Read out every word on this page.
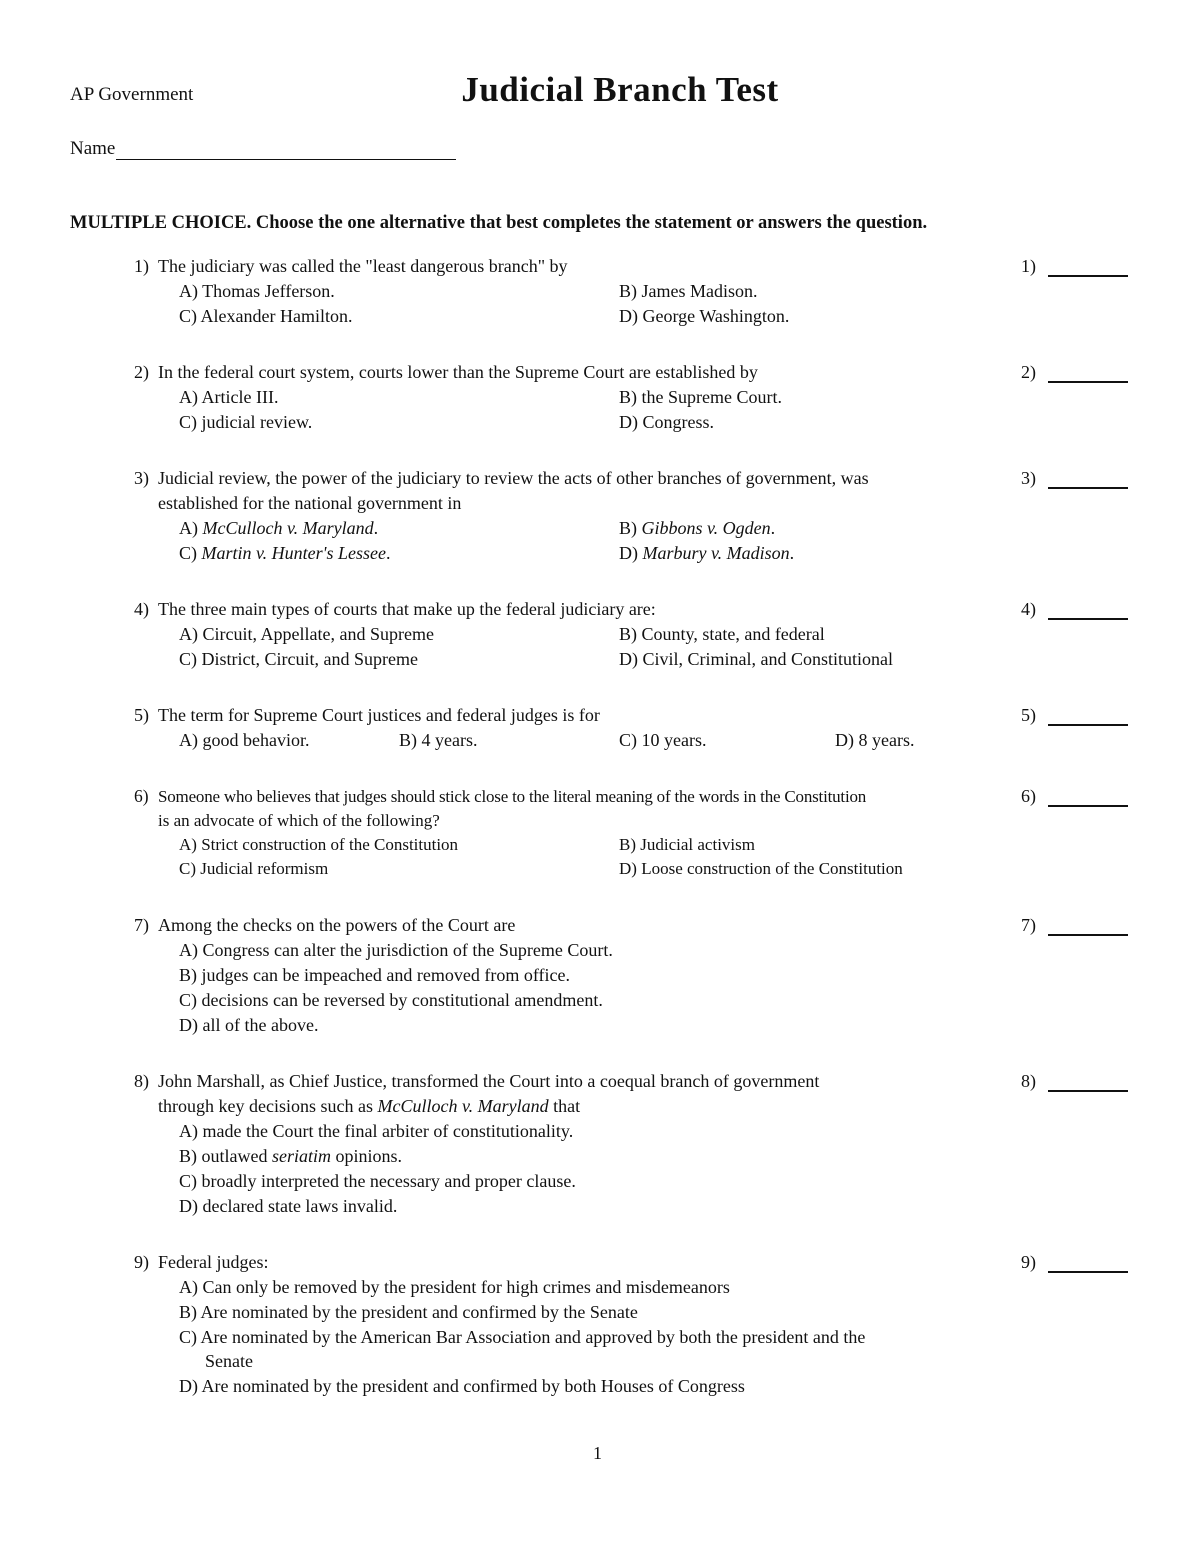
AP Government	Judicial Branch Test
Name
MULTIPLE CHOICE. Choose the one alternative that best completes the statement or answers the question.
1) The judiciary was called the "least dangerous branch" by
A) Thomas Jefferson.	B) James Madison.
C) Alexander Hamilton.	D) George Washington.
1)
2) In the federal court system, courts lower than the Supreme Court are established by
A) Article III.	B) the Supreme Court.
C) judicial review.	D) Congress.
2)
3) Judicial review, the power of the judiciary to review the acts of other branches of government, was
established for the national government in
A) McCulloch v. Maryland.	B) Gibbons v. Ogden.
C) Martin v. Hunter's Lessee.	D) Marbury v. Madison.
3)
4) The three main types of courts that make up the federal judiciary are:
A) Circuit, Appellate, and Supreme	B) County, state, and federal
C) District, Circuit, and Supreme	D) Civil, Criminal, and Constitutional
4)
5) The term for Supreme Court justices and federal judges is for
A) good behavior.	B) 4 years.	C) 10 years.	D) 8 years.
5)
6) Someone who believes that judges should stick close to the literal meaning of the words in the Constitution
is an advocate of which of the following?
A) Strict construction of the Constitution	B) Judicial activism
C) Judicial reformism	D) Loose construction of the Constitution
6)
7) Among the checks on the powers of the Court are
A) Congress can alter the jurisdiction of the Supreme Court.
B) judges can be impeached and removed from office.
C) decisions can be reversed by constitutional amendment.
D) all of the above.
7)
8) John Marshall, as Chief Justice, transformed the Court into a coequal branch of government
through key decisions such as McCulloch v. Maryland that
A) made the Court the final arbiter of constitutionality.
B) outlawed seriatim opinions.
C) broadly interpreted the necessary and proper clause.
D) declared state laws invalid.
8)
9) Federal judges:
A) Can only be removed by the president for high crimes and misdemeanors
B) Are nominated by the president and confirmed by the Senate
C) Are nominated by the American Bar Association and approved by both the president and the
Senate
D) Are nominated by the president and confirmed by both Houses of Congress
9)
1
